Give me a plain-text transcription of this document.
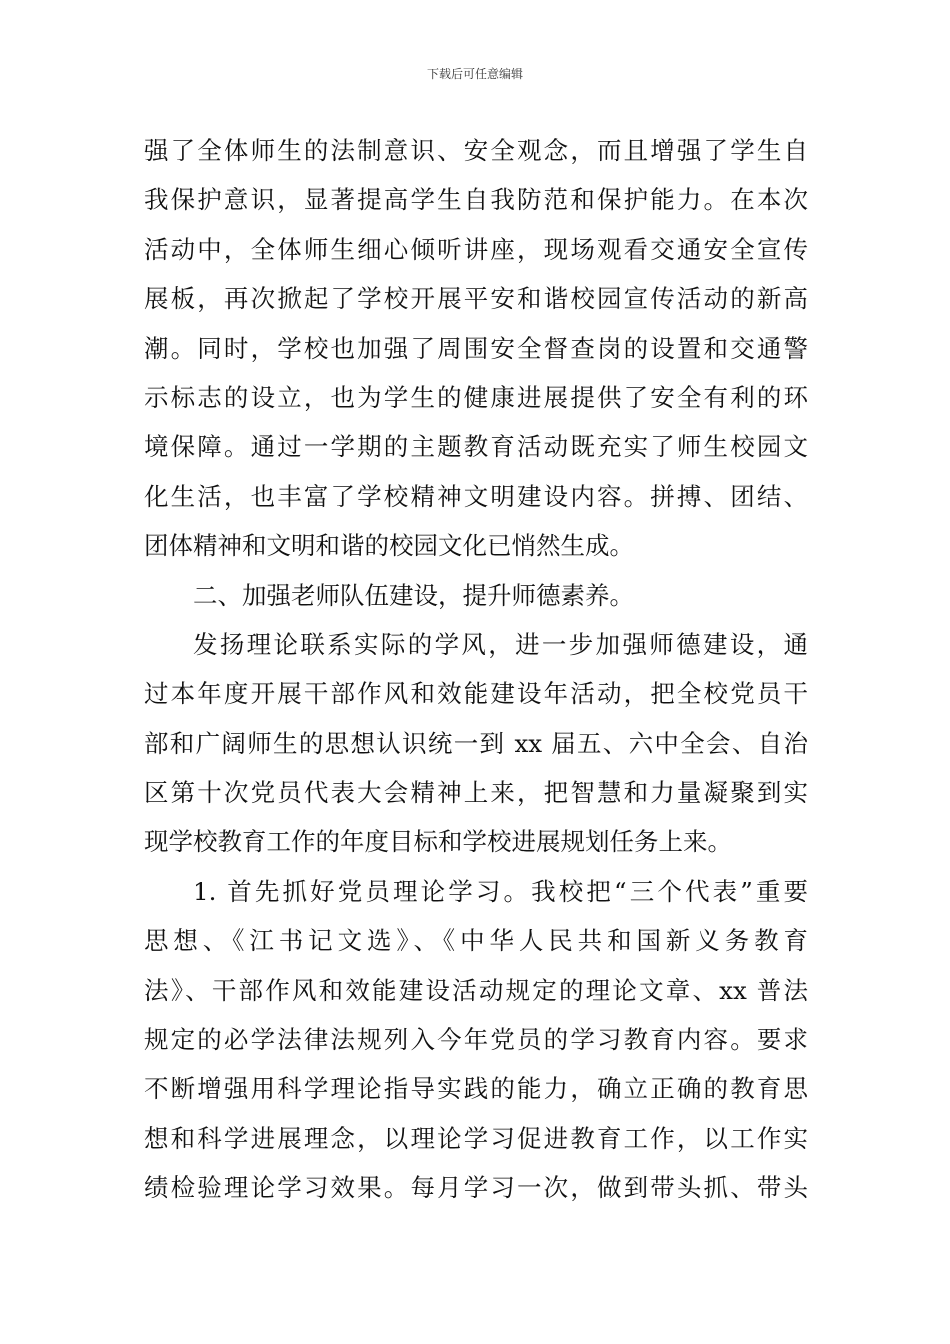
下载后可任意编辑
强了全体师生的法制意识、安全观念，而且增强了学生自
我保护意识，显著提高学生自我防范和保护能力。在本次
活动中，全体师生细心倾听讲座，现场观看交通安全宣传
展板，再次掀起了学校开展平安和谐校园宣传活动的新高
潮。同时，学校也加强了周围安全督查岗的设置和交通警
示标志的设立，也为学生的健康进展提供了安全有利的环
境保障。通过一学期的主题教育活动既充实了师生校园文
化生活，也丰富了学校精神文明建设内容。拼搏、团结、
团体精神和文明和谐的校园文化已悄然生成。
二、加强老师队伍建设，提升师德素养。
发扬理论联系实际的学风，进一步加强师德建设，通
过本年度开展干部作风和效能建设年活动，把全校党员干
部和广阔师生的思想认识统一到 xx 届五、六中全会、自治
区第十次党员代表大会精神上来，把智慧和力量凝聚到实
现学校教育工作的年度目标和学校进展规划任务上来。
1. 首先抓好党员理论学习。我校把“三个代表”重要
思想、《江书记文选》、《中华人民共和国新义务教育
法》、干部作风和效能建设活动规定的理论文章、xx 普法
规定的必学法律法规列入今年党员的学习教育内容。要求
不断增强用科学理论指导实践的能力，确立正确的教育思
想和科学进展理念，以理论学习促进教育工作，以工作实
绩检验理论学习效果。每月学习一次，做到带头抓、带头
